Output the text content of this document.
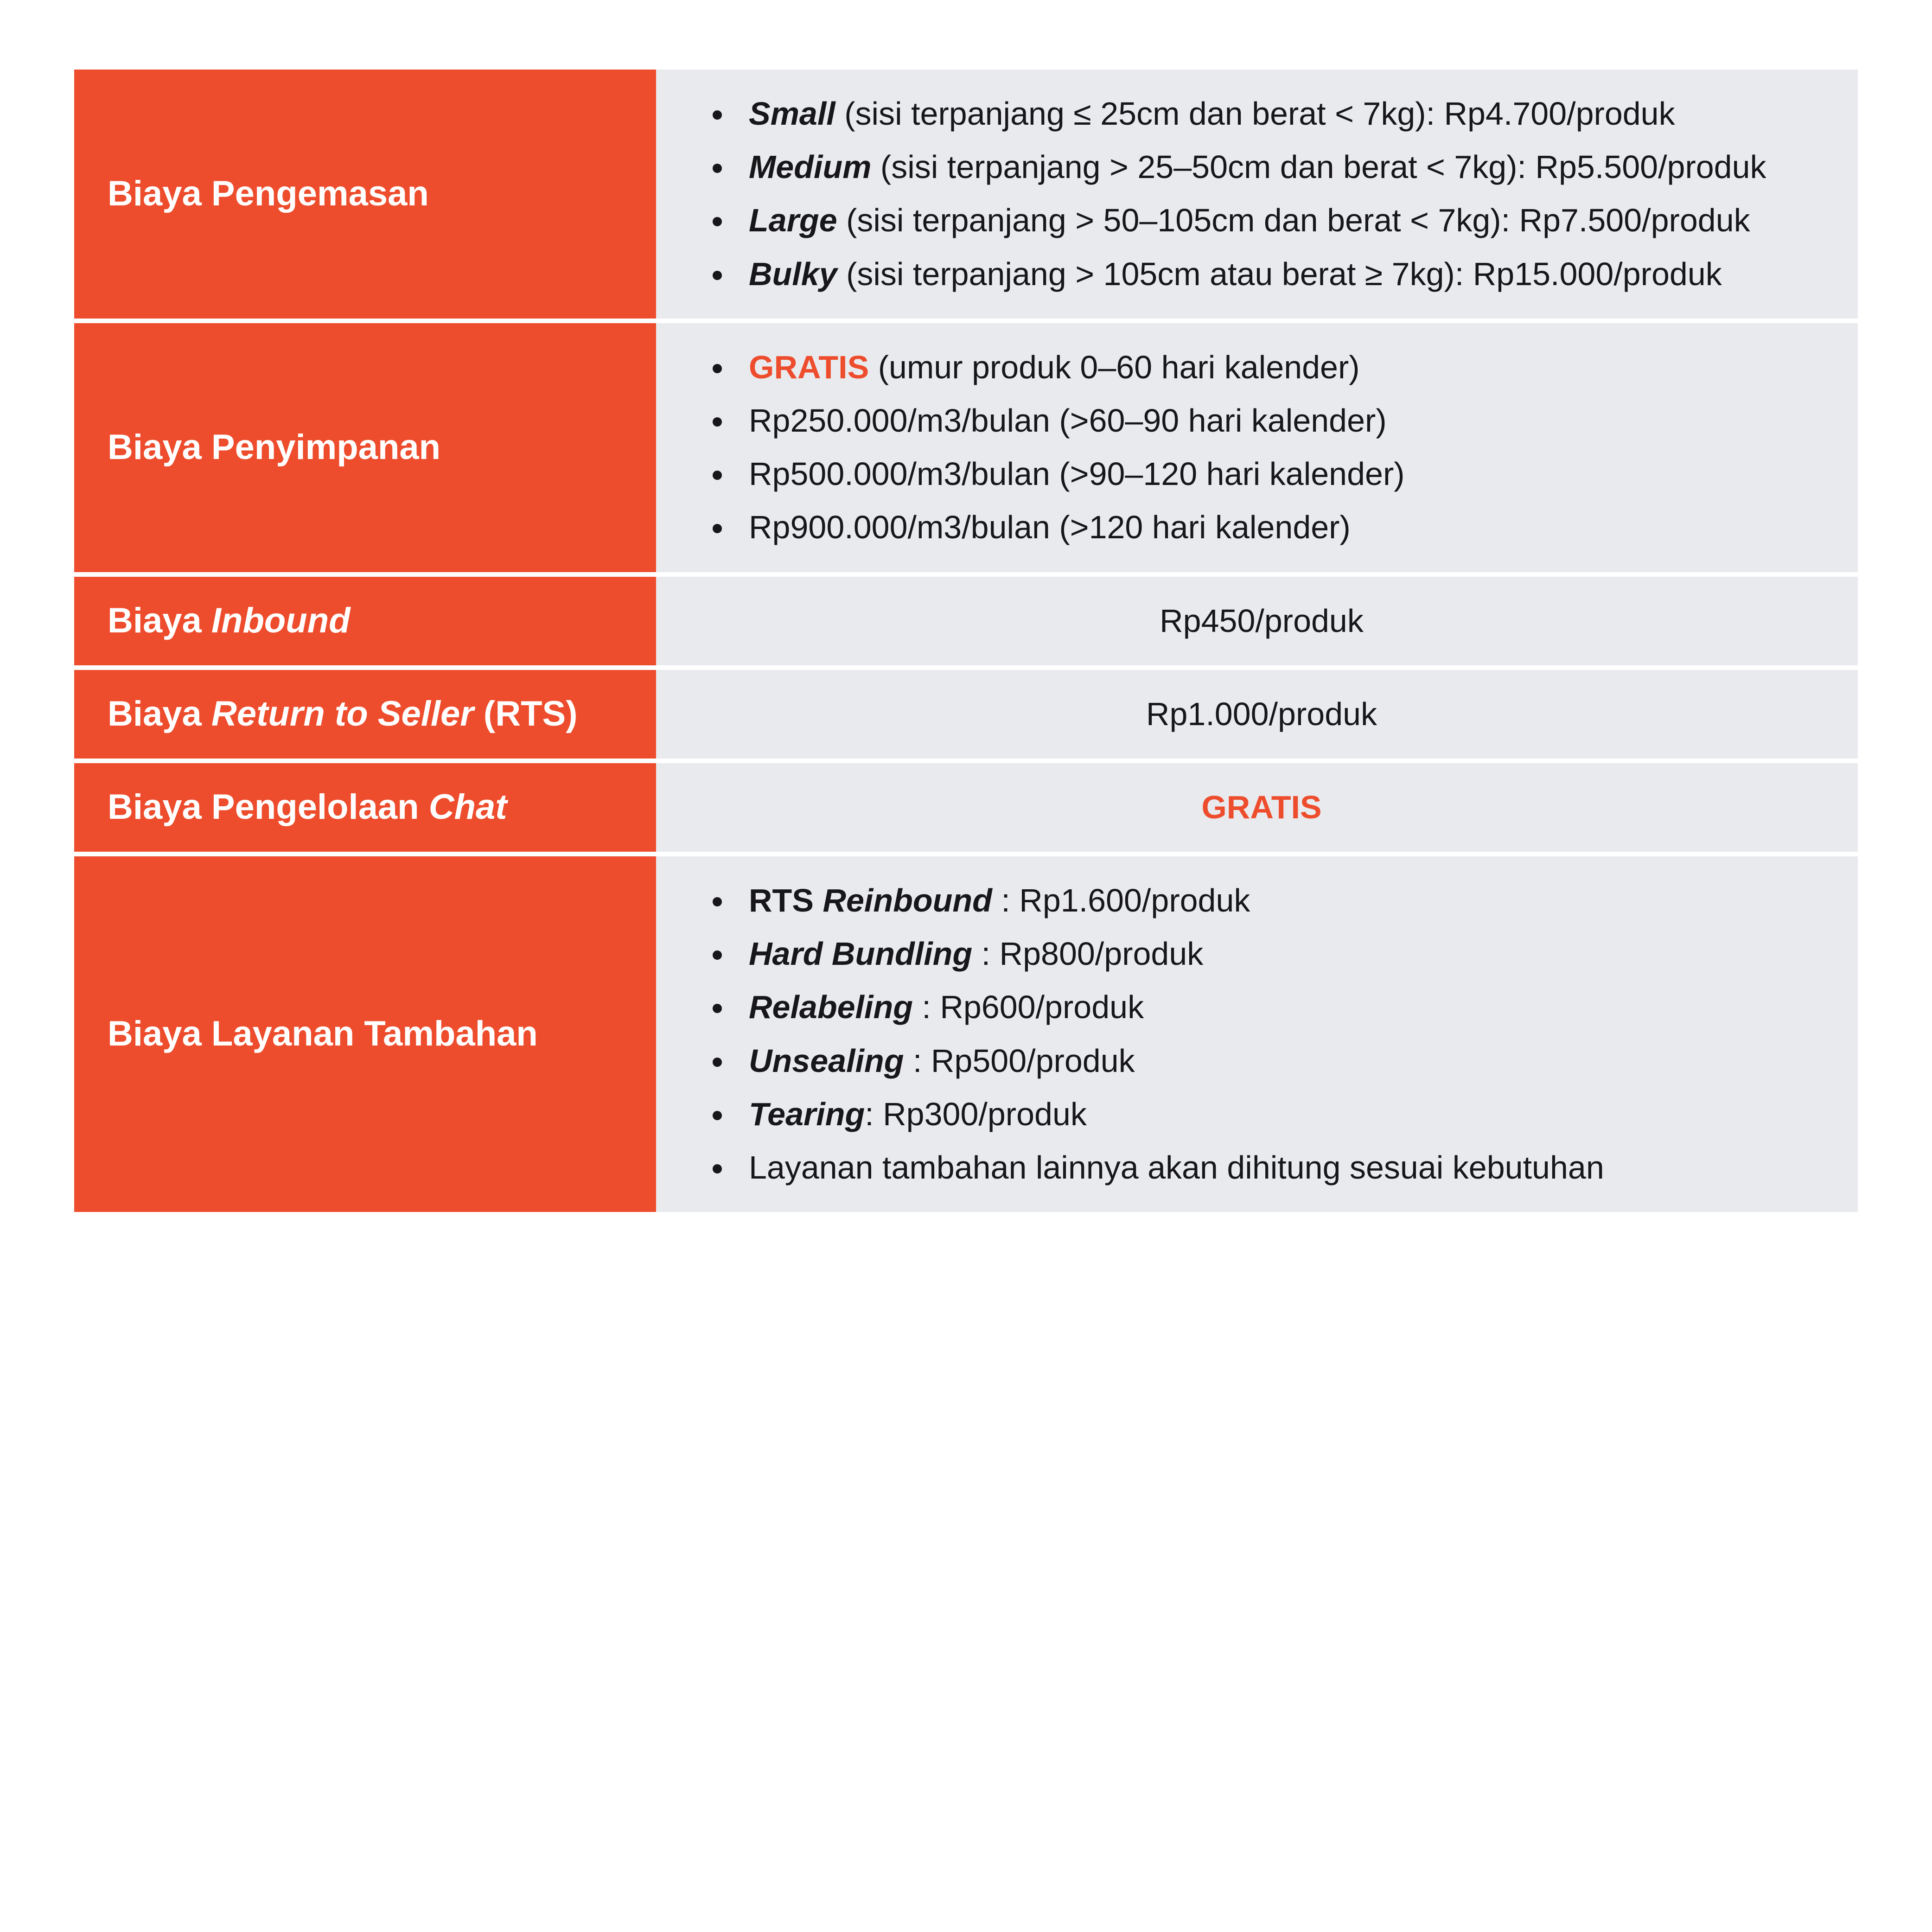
Biaya Pengemasan	
Small (sisi terpanjang ≤ 25cm dan berat < 7kg): Rp4.700/produk
Medium (sisi terpanjang > 25–50cm dan berat < 7kg): Rp5.500/produk
Large (sisi terpanjang > 50–105cm dan berat < 7kg): Rp7.500/produk
Bulky (sisi terpanjang > 105cm atau berat ≥ 7kg): Rp15.000/produk

Biaya Penyimpanan	
GRATIS (umur produk 0–60 hari kalender)
Rp250.000/m3/bulan (>60–90 hari kalender)
Rp500.000/m3/bulan (>90–120 hari kalender)
Rp900.000/m3/bulan (>120 hari kalender)

Biaya Inbound	Rp450/produk

Biaya Return to Seller (RTS)	Rp1.000/produk

Biaya Pengelolaan Chat	GRATIS

Biaya Layanan Tambahan	
RTS Reinbound : Rp1.600/produk
Hard Bundling : Rp800/produk
Relabeling : Rp600/produk
Unsealing : Rp500/produk
Tearing: Rp300/produk
Layanan tambahan lainnya akan dihitung sesuai kebutuhan
